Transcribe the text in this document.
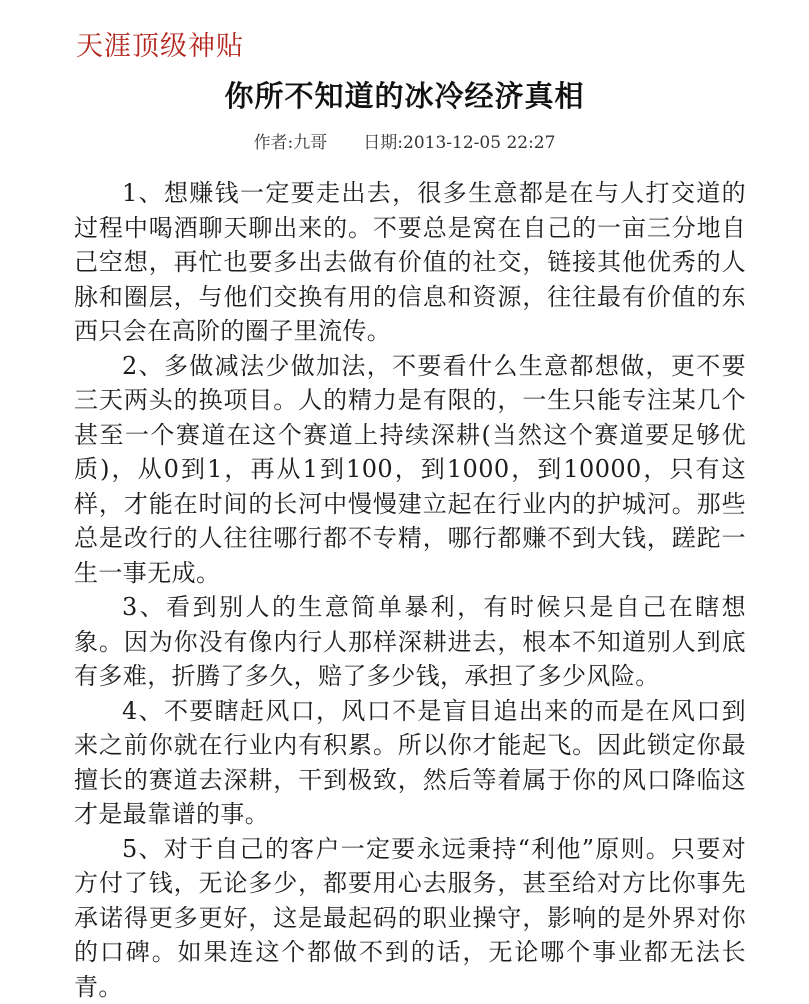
天涯顶级神贴
你所不知道的冰冷经济真相
作者:九哥 日期:2013-12-05 22:27

1、想赚钱一定要走出去，很多生意都是在与人打交道的过程中喝酒聊天聊出来的。不要总是窝在自己的一亩三分地自己空想，再忙也要多出去做有价值的社交，链接其他优秀的人脉和圈层，与他们交换有用的信息和资源，往往最有价值的东西只会在高阶的圈子里流传。

2、多做减法少做加法，不要看什么生意都想做，更不要三天两头的换项目。人的精力是有限的，一生只能专注某几个甚至一个赛道在这个赛道上持续深耕(当然这个赛道要足够优质)，从0到1，再从1到100，到1000，到10000，只有这样，才能在时间的长河中慢慢建立起在行业内的护城河。那些总是改行的人往往哪行都不专精，哪行都赚不到大钱，蹉跎一生一事无成。

3、看到别人的生意简单暴利，有时候只是自己在瞎想象。因为你没有像内行人那样深耕进去，根本不知道别人到底有多难，折腾了多久，赔了多少钱，承担了多少风险。

4、不要瞎赶风口，风口不是盲目追出来的而是在风口到来之前你就在行业内有积累。所以你才能起飞。因此锁定你最擅长的赛道去深耕，干到极致，然后等着属于你的风口降临这才是最靠谱的事。

5、对于自己的客户一定要永远秉持“利他”原则。只要对方付了钱，无论多少，都要用心去服务，甚至给对方比你事先承诺得更多更好，这是最起码的职业操守，影响的是外界对你的口碑。如果连这个都做不到的话，无论哪个事业都无法长青。
